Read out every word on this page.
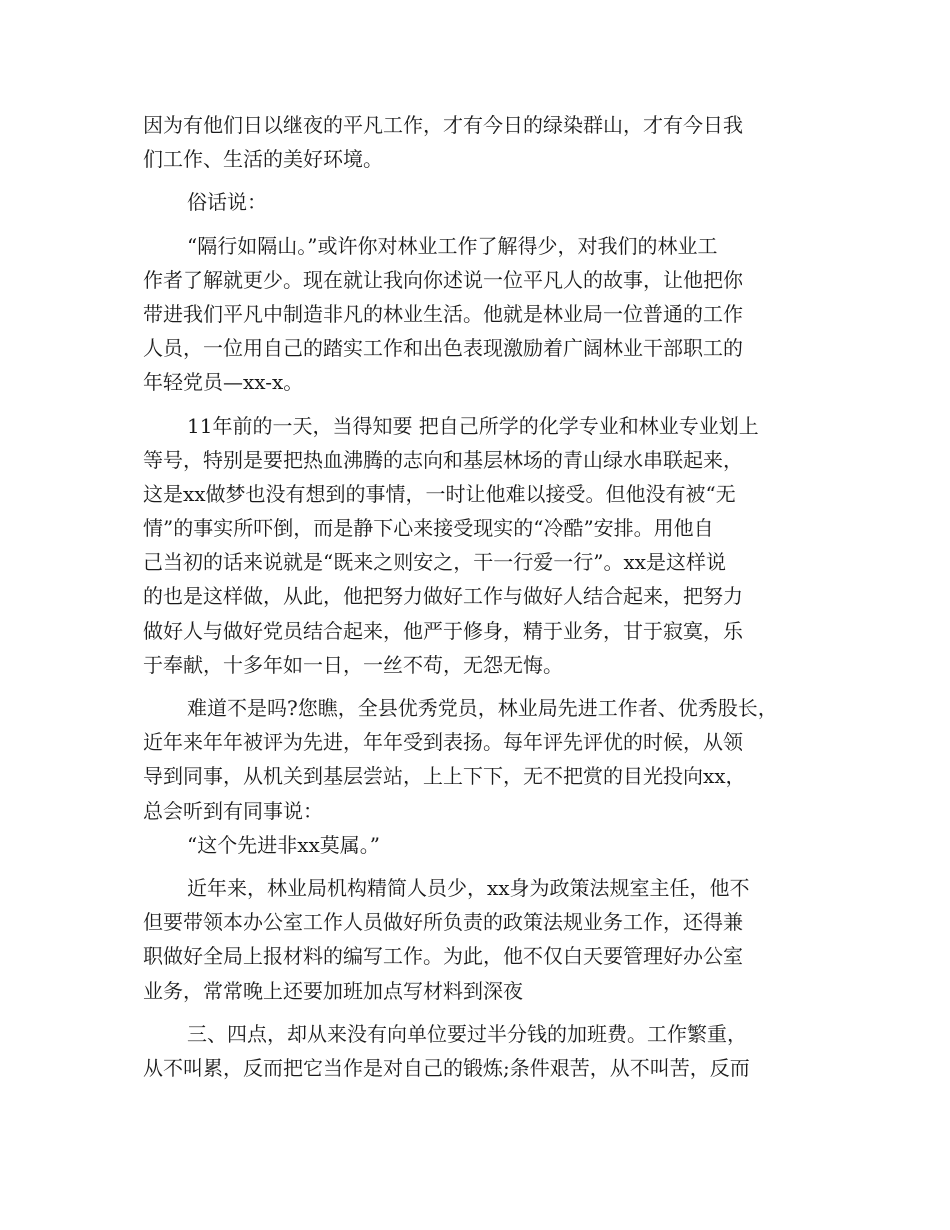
因为有他们日以继夜的平凡工作，才有今日的绿染群山，才有今日我
们工作、生活的美好环境。
俗话说：
“隔行如隔山。”或许你对林业工作了解得少，对我们的林业工
作者了解就更少。现在就让我向你述说一位平凡人的故事，让他把你
带进我们平凡中制造非凡的林业生活。他就是林业局一位普通的工作
人员，一位用自己的踏实工作和出色表现激励着广阔林业干部职工的
年轻党员—xx-x。
11年前的一天，当得知要 把自己所学的化学专业和林业专业划上
等号，特别是要把热血沸腾的志向和基层林场的青山绿水串联起来，
这是xx做梦也没有想到的事情，一时让他难以接受。但他没有被“无
情”的事实所吓倒，而是静下心来接受现实的“冷酷”安排。用他自
己当初的话来说就是“既来之则安之，干一行爱一行”。xx是这样说
的也是这样做，从此，他把努力做好工作与做好人结合起来，把努力
做好人与做好党员结合起来，他严于修身，精于业务，甘于寂寞，乐
于奉献，十多年如一日，一丝不苟，无怨无悔。
难道不是吗?您瞧，全县优秀党员，林业局先进工作者、优秀股长，
近年来年年被评为先进，年年受到表扬。每年评先评优的时候，从领
导到同事，从机关到基层尝站，上上下下，无不把赏的目光投向xx，
总会听到有同事说：
“这个先进非xx莫属。”
近年来，林业局机构精简人员少，xx身为政策法规室主任，他不
但要带领本办公室工作人员做好所负责的政策法规业务工作，还得兼
职做好全局上报材料的编写工作。为此，他不仅白天要管理好办公室
业务，常常晚上还要加班加点写材料到深夜
三、四点，却从来没有向单位要过半分钱的加班费。工作繁重，
从不叫累，反而把它当作是对自己的锻炼;条件艰苦，从不叫苦，反而
